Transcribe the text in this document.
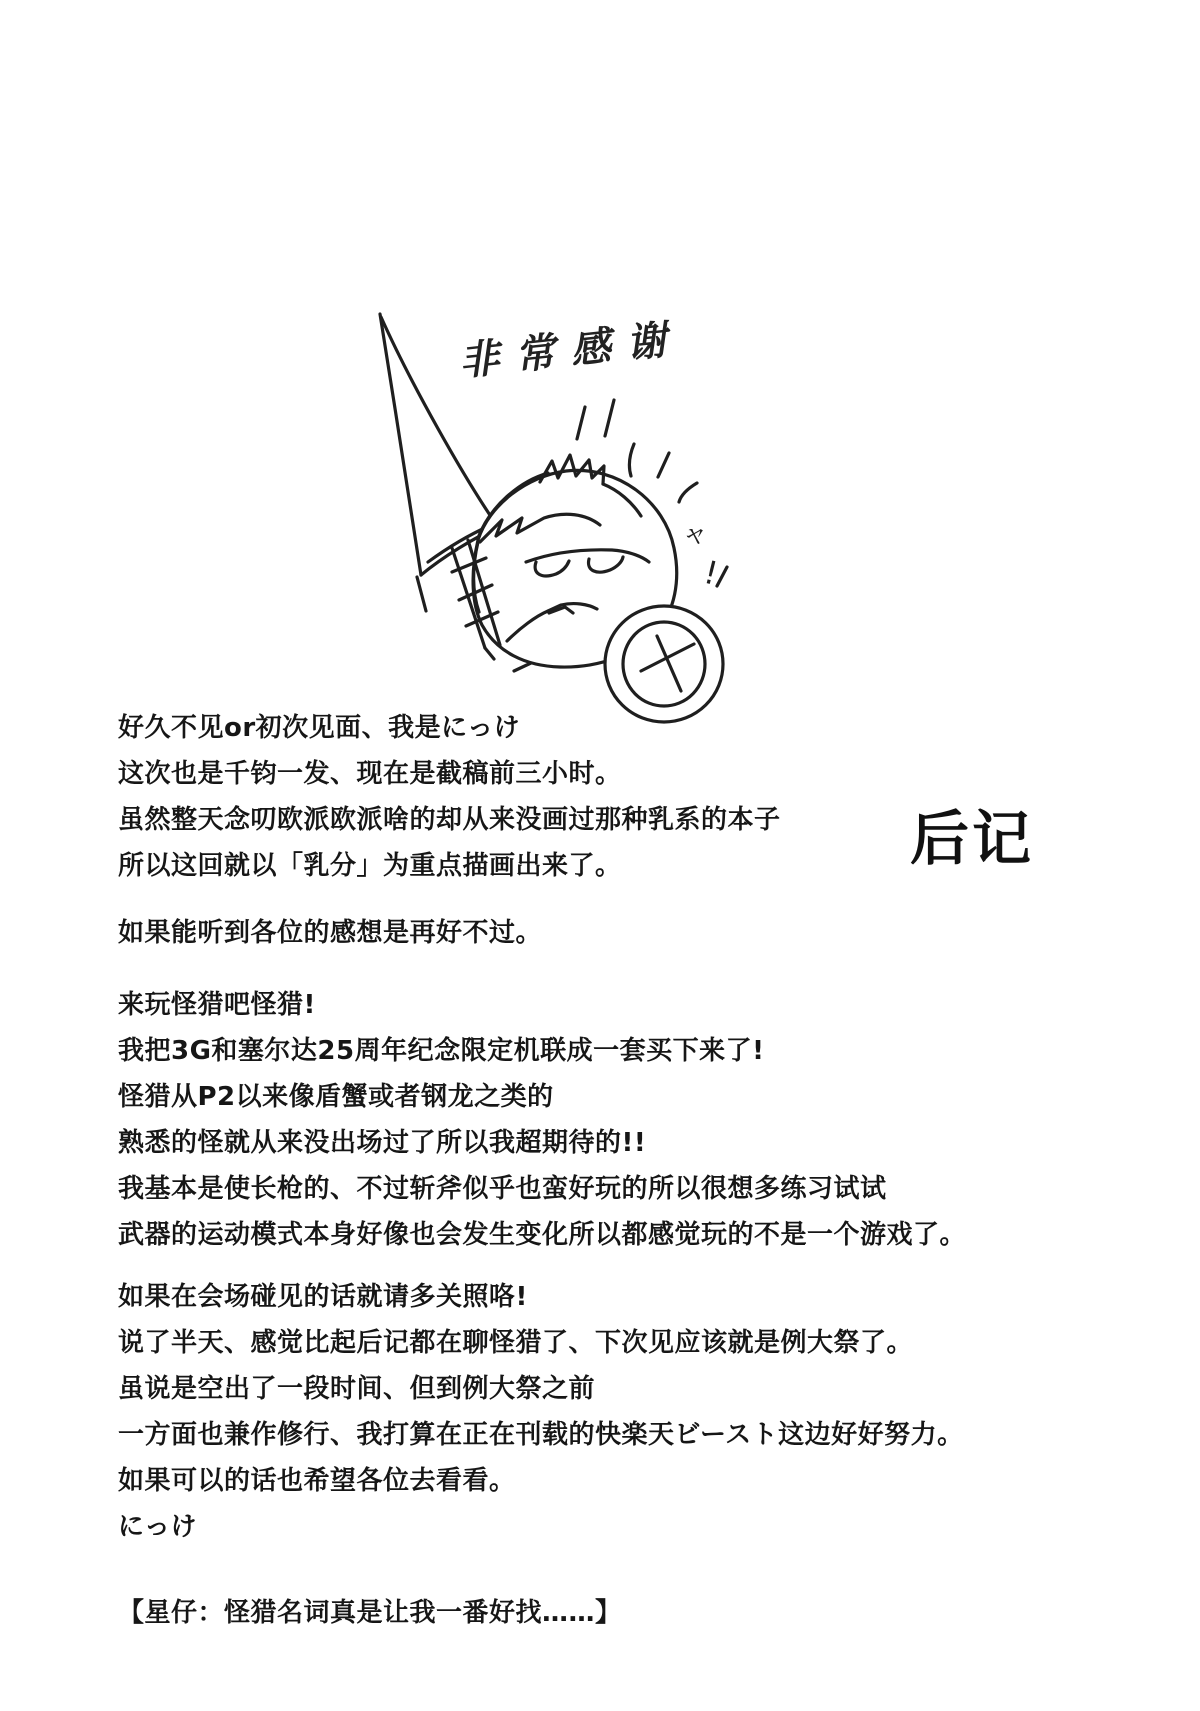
ャ
!
非常感谢
后记
好久不见or初次见面、我是にっけ
这次也是千钧一发、现在是截稿前三小时。
虽然整天念叨欧派欧派啥的却从来没画过那种乳系的本子
所以这回就以「乳分」为重点描画出来了。
如果能听到各位的感想是再好不过。
来玩怪猎吧怪猎!
我把3G和塞尔达25周年纪念限定机联成一套买下来了!
怪猎从P2以来像盾蟹或者钢龙之类的
熟悉的怪就从来没出场过了所以我超期待的!!
我基本是使长枪的、不过斩斧似乎也蛮好玩的所以很想多练习试试
武器的运动模式本身好像也会发生变化所以都感觉玩的不是一个游戏了。
如果在会场碰见的话就请多关照咯!
说了半天、感觉比起后记都在聊怪猎了、下次见应该就是例大祭了。
虽说是空出了一段时间、但到例大祭之前
一方面也兼作修行、我打算在正在刊载的快楽天ビースト这边好好努力。
如果可以的话也希望各位去看看。
にっけ
【星仔：怪猎名词真是让我一番好找……】
